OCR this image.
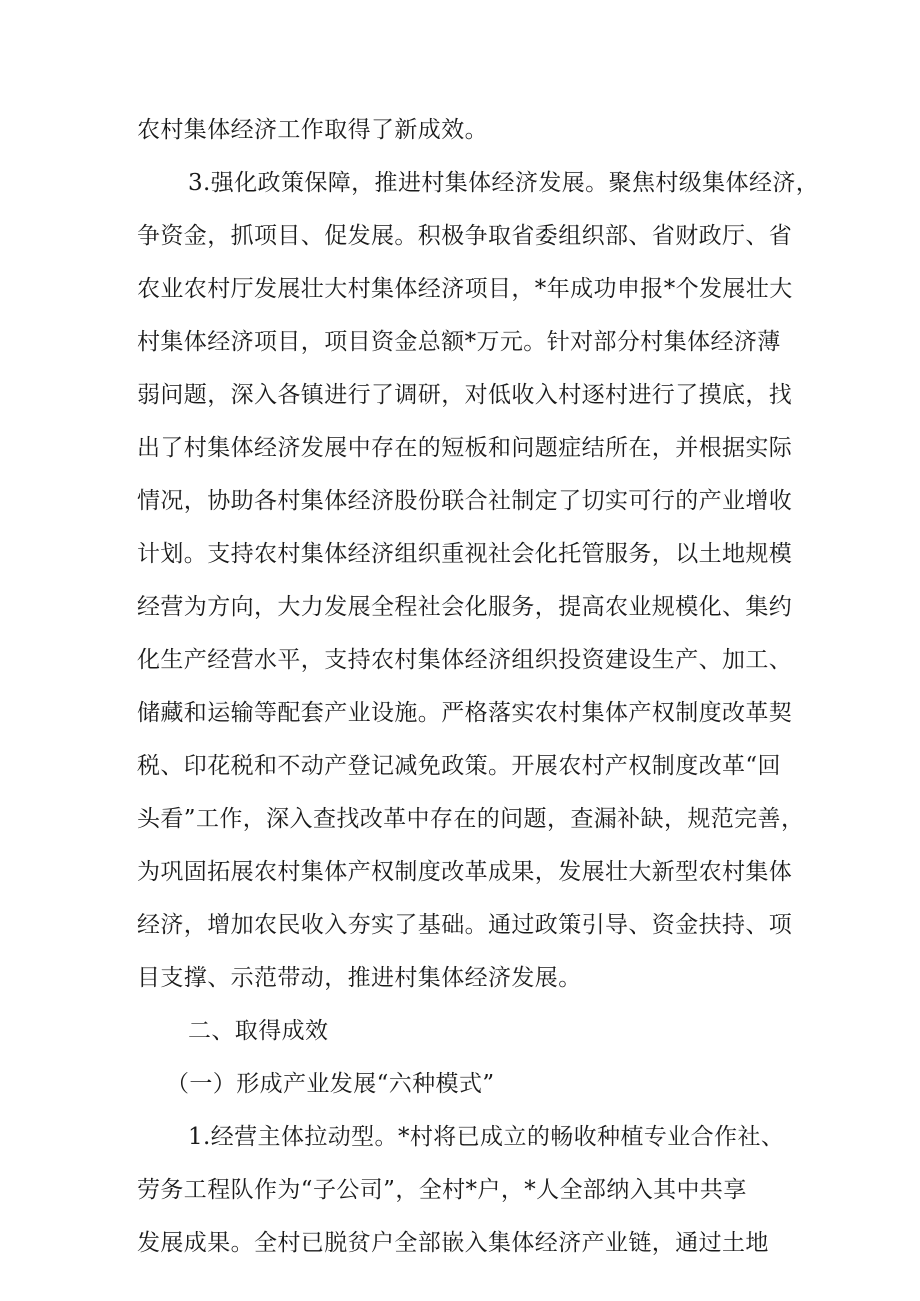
农村集体经济工作取得了新成效。
3.强化政策保障，推进村集体经济发展。聚焦村级集体经济，
争资金，抓项目、促发展。积极争取省委组织部、省财政厅、省
农业农村厅发展壮大村集体经济项目，*年成功申报*个发展壮大
村集体经济项目，项目资金总额*万元。针对部分村集体经济薄
弱问题，深入各镇进行了调研，对低收入村逐村进行了摸底，找
出了村集体经济发展中存在的短板和问题症结所在，并根据实际
情况，协助各村集体经济股份联合社制定了切实可行的产业增收
计划。支持农村集体经济组织重视社会化托管服务，以土地规模
经营为方向，大力发展全程社会化服务，提高农业规模化、集约
化生产经营水平，支持农村集体经济组织投资建设生产、加工、
储藏和运输等配套产业设施。严格落实农村集体产权制度改革契
税、印花税和不动产登记减免政策。开展农村产权制度改革“回
头看”工作，深入查找改革中存在的问题，查漏补缺，规范完善，
为巩固拓展农村集体产权制度改革成果，发展壮大新型农村集体
经济，增加农民收入夯实了基础。通过政策引导、资金扶持、项
目支撑、示范带动，推进村集体经济发展。
二、取得成效
（一）形成产业发展“六种模式”
1.经营主体拉动型。*村将已成立的畅收种植专业合作社、
劳务工程队作为“子公司”，全村*户，*人全部纳入其中共享
发展成果。全村已脱贫户全部嵌入集体经济产业链，通过土地
